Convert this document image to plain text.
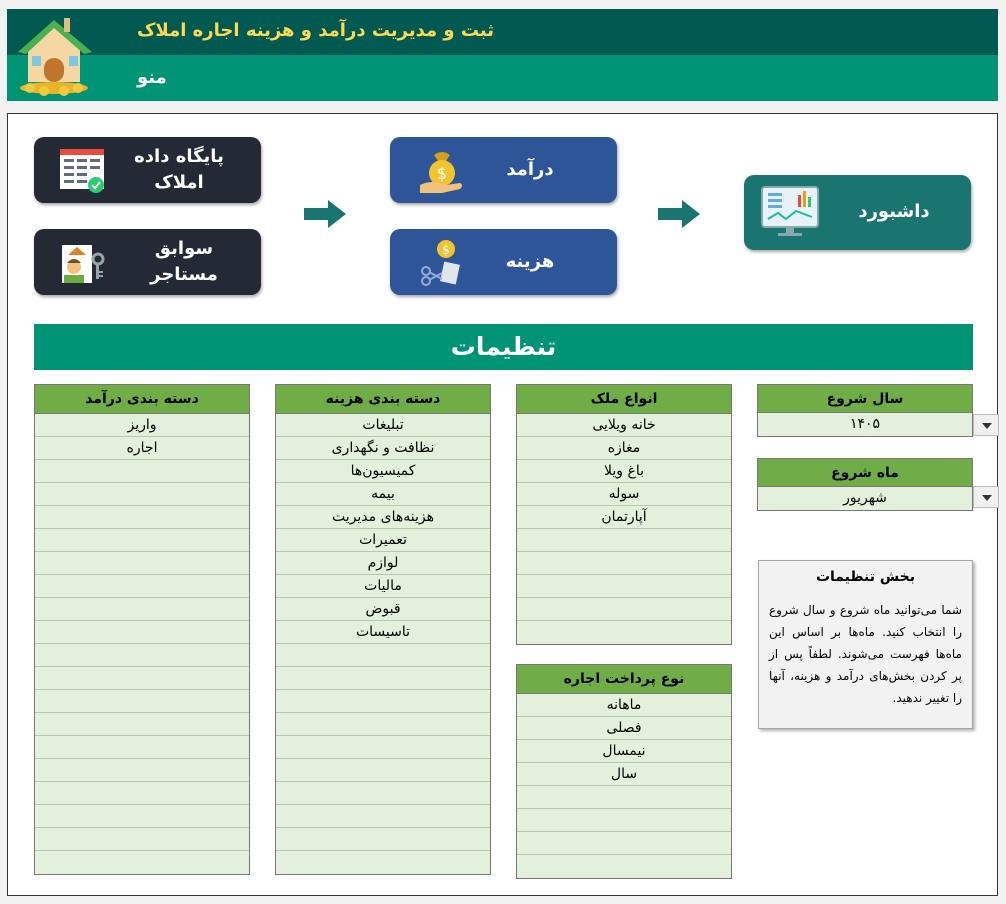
ثبت و مدیریت درآمد و هزینه اجاره املاک
منو
پایگاه داده
املاک
سوابق
مستاجر
$	درآمد
$
هزینه
داشبورد
تنظیمات
دسته بندی درآمد
واریز
اجاره
دسته بندی هزینه
تبلیغات
نظافت و نگهداری
کمیسیون‌ها
بیمه
هزینه‌های مدیریت
تعمیرات
لوازم
مالیات
قبوض
تاسیسات
انواع ملک
خانه ویلایی
مغازه
باغ ویلا
سوله
آپارتمان
نوع پرداخت اجاره
ماهانه
فصلی
نیمسال
سال
سال شروع
۱۴۰۵
ماه شروع
شهریور
بخش تنظیمات
شما می‌توانید ماه شروع و سال شروع را انتخاب کنید. ماه‌ها بر اساس این ماه‌ها فهرست می‌شوند. لطفاً پس از پر کردن بخش‌های درآمد و هزینه، آنها را تغییر ندهید.
